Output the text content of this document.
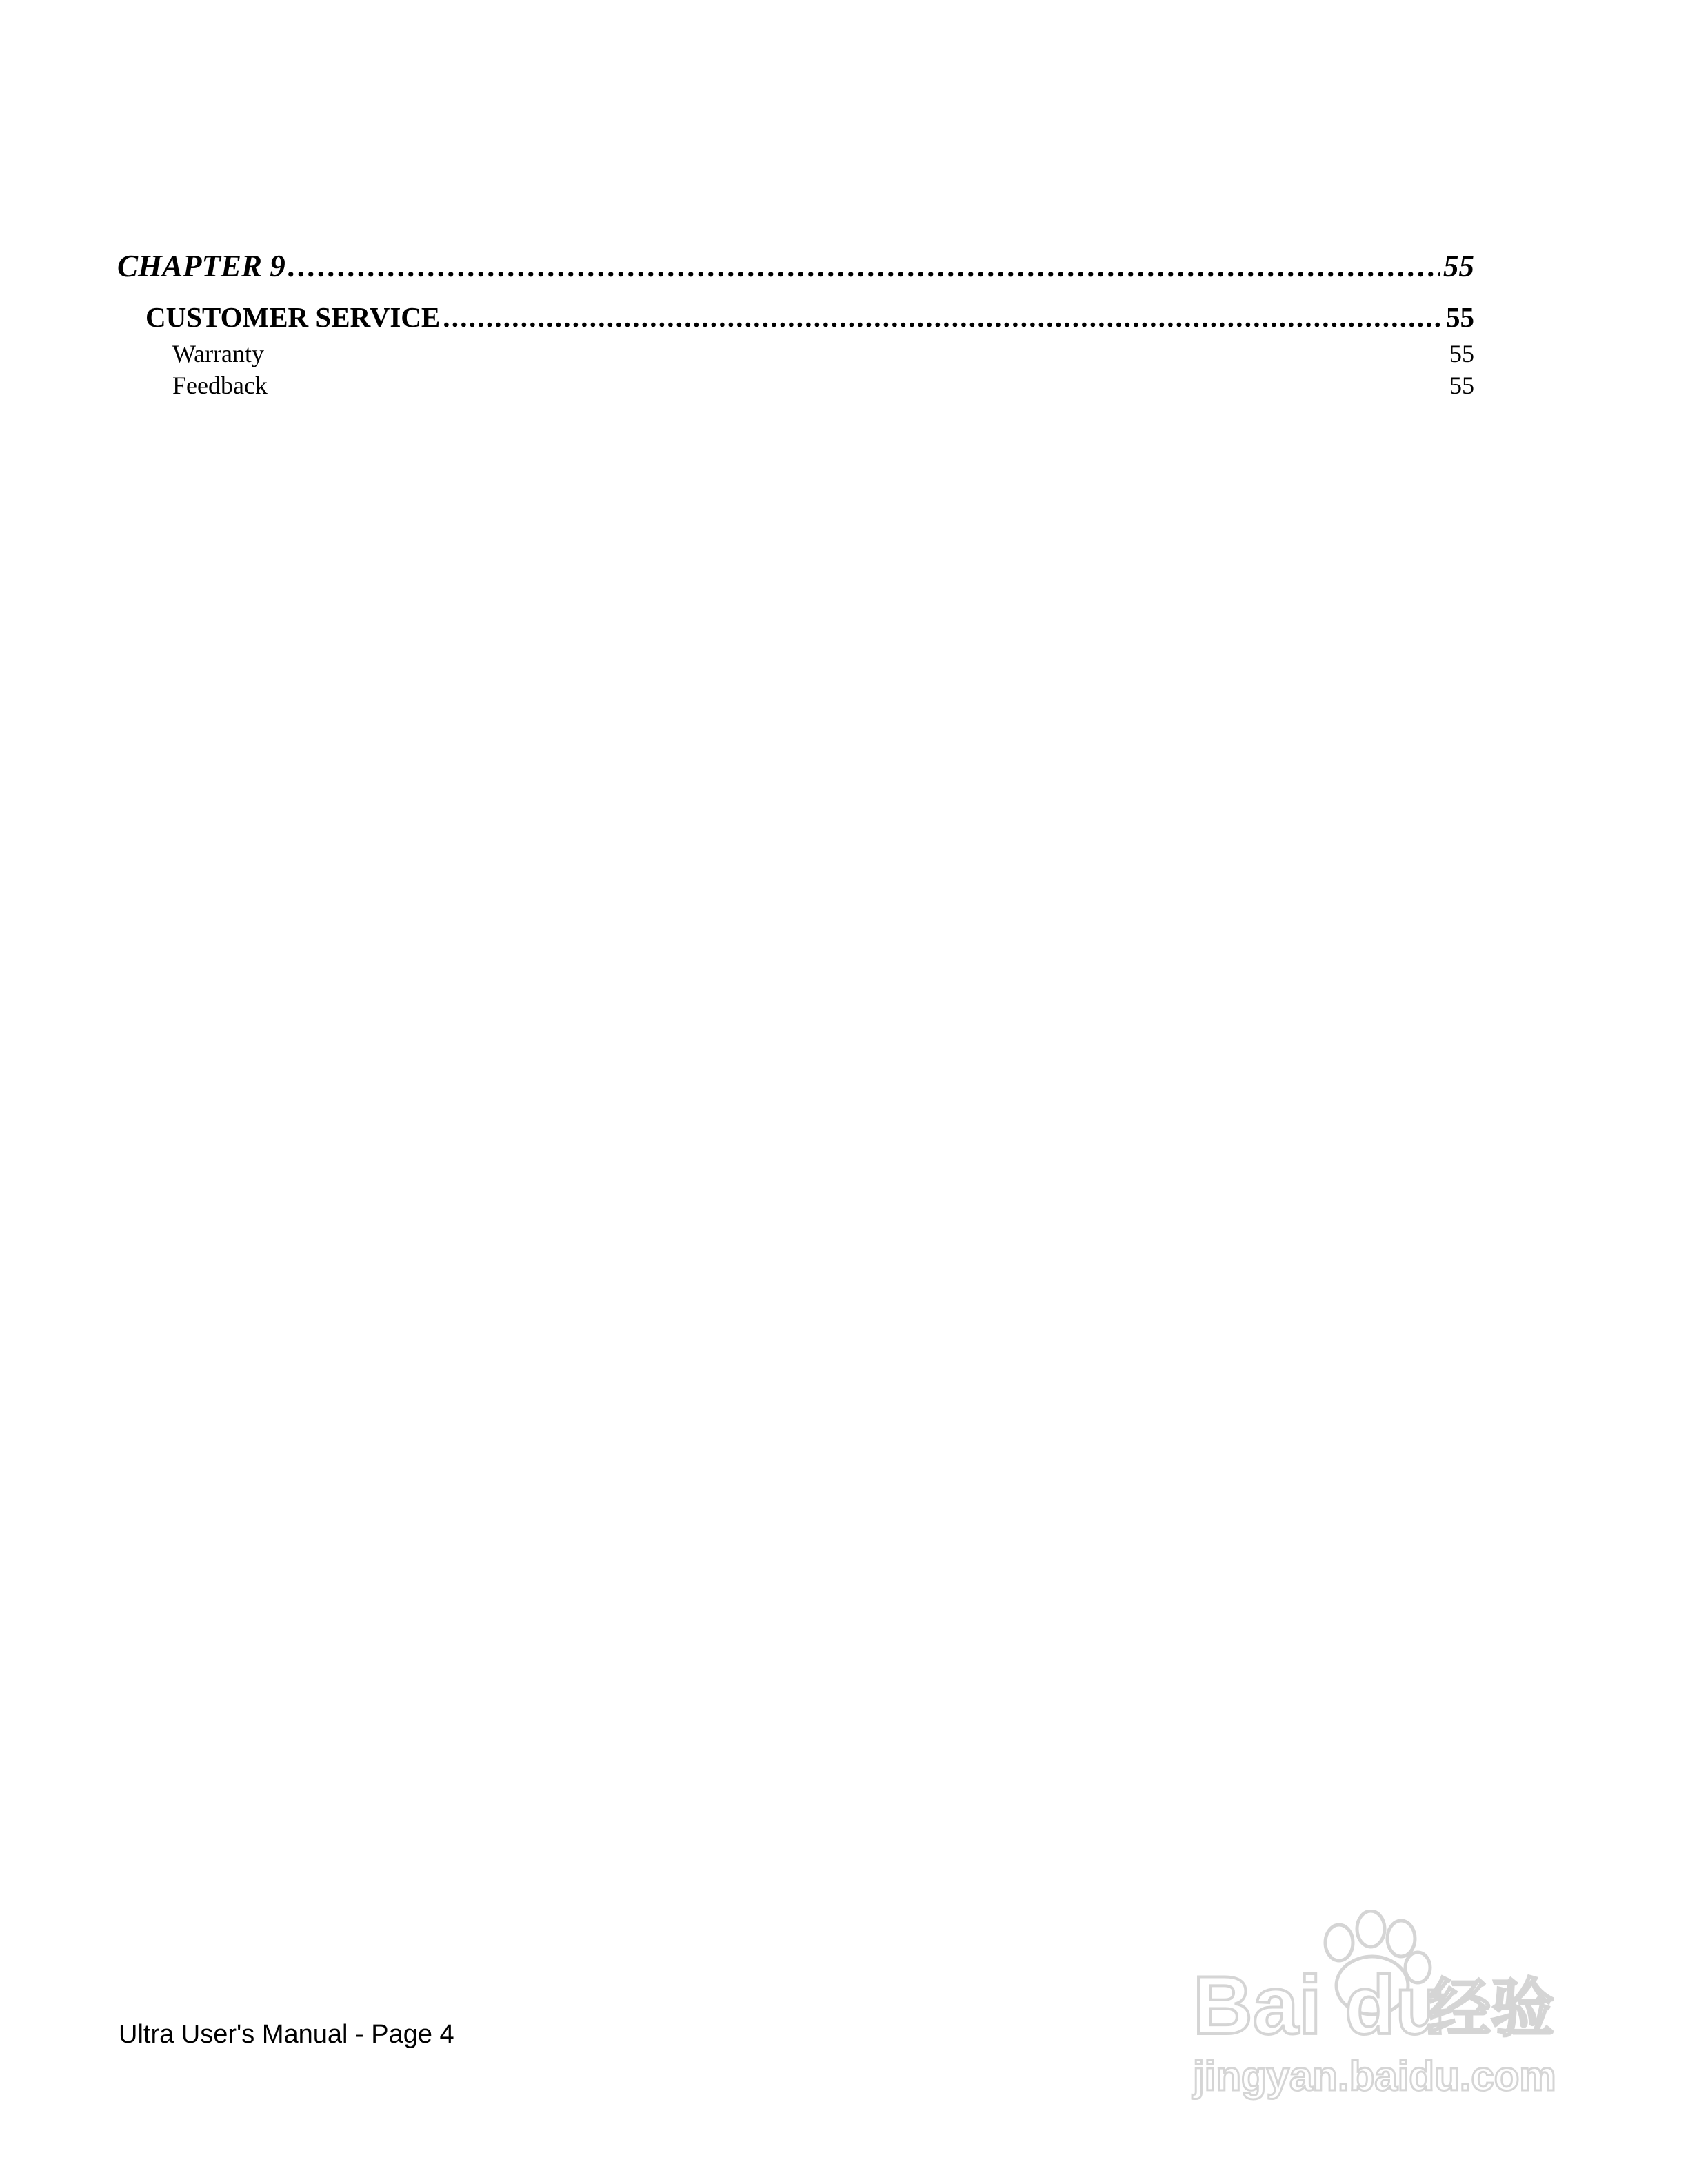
CHAPTER 9 . . .	55
CUSTOMER SERVICE . . .	55
Warranty	55
Feedback	55
Ultra User's Manual - Page 4	Bai du
经验
jingyan.baidu.com
